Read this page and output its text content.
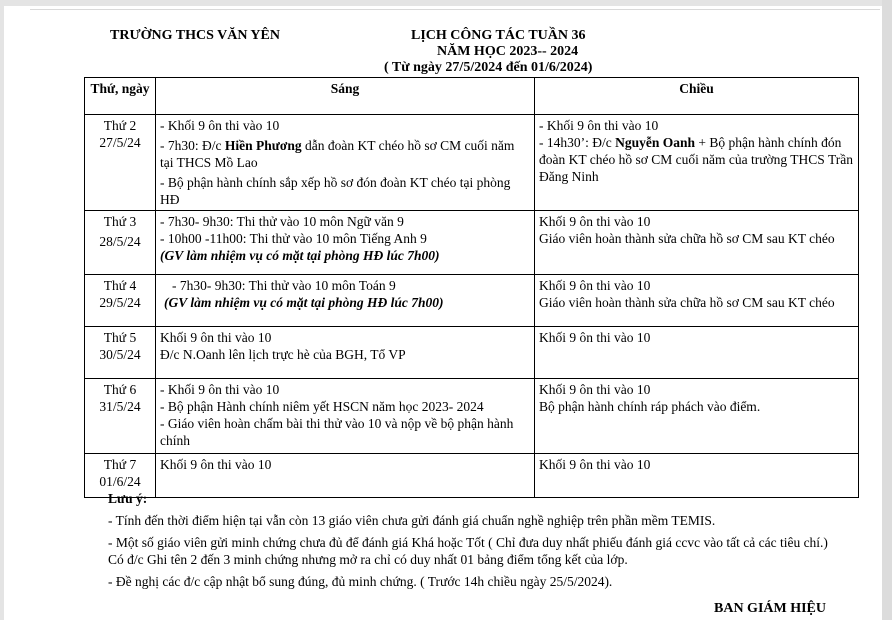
TRƯỜNG THCS VĂN YÊN	LỊCH CÔNG TÁC TUẦN 36
NĂM HỌC 2023-- 2024
( Từ ngày 27/5/2024 đến 01/6/2024)
Thứ, ngày	Sáng	Chiều

Thứ 2
27/5/24	- Khối 9 ôn thi vào 10
- 7h30: Đ/c Hiền Phương dẫn đoàn KT chéo hồ sơ CM cuối năm tại THCS Mồ Lao
- Bộ phận hành chính sắp xếp hồ sơ đón đoàn KT chéo tại phòng HĐ	- Khối 9 ôn thi vào 10
- 14h30’: Đ/c Nguyễn Oanh + Bộ phận hành chính đón đoàn KT chéo hồ sơ CM cuối năm của trường THCS Trần Đăng Ninh

Thứ 3
28/5/24	- 7h30- 9h30: Thi thử vào 10 môn Ngữ văn 9
- 10h00 -11h00: Thi thử vào 10 môn Tiếng Anh 9
(GV làm nhiệm vụ có mặt tại phòng HĐ lúc 7h00)	Khối 9 ôn thi vào 10
Giáo viên hoàn thành sửa chữa hồ sơ CM sau KT chéo

Thứ 4
29/5/24	- 7h30- 9h30: Thi thử vào 10 môn Toán 9
(GV làm nhiệm vụ có mặt tại phòng HĐ lúc 7h00)	Khối 9 ôn thi vào 10
Giáo viên hoàn thành sửa chữa hồ sơ CM sau KT chéo

Thứ 5
30/5/24	Khối 9 ôn thi vào 10
Đ/c N.Oanh lên lịch trực hè của BGH, Tổ VP	Khối 9 ôn thi vào 10

Thứ 6
31/5/24	- Khối 9 ôn thi vào 10
- Bộ phận Hành chính niêm yết HSCN năm học 2023- 2024
- Giáo viên hoàn chấm bài thi thử vào 10 và nộp về bộ phận hành chính	Khối 9 ôn thi vào 10
Bộ phận hành chính ráp phách vào điểm.

Thứ 7
01/6/24	Khối 9 ôn thi vào 10	Khối 9 ôn thi vào 10

Lưu ý:

- Tính đến thời điểm hiện tại vẫn còn 13 giáo viên chưa gửi đánh giá chuẩn nghề nghiệp trên phần mềm TEMIS.

- Một số giáo viên gửi minh chứng chưa đủ để đánh giá Khá hoặc Tốt ( Chỉ đưa duy nhất phiếu đánh giá ccvc vào tất cả các tiêu chí.) Có đ/c Ghi tên 2 đến 3 minh chứng nhưng mở ra chỉ có duy nhất 01 bảng điểm tổng kết của lớp.

- Đề nghị các đ/c cập nhật bổ sung đúng, đủ minh chứng. ( Trước 14h chiều ngày 25/5/2024).

BAN GIÁM HIỆU
